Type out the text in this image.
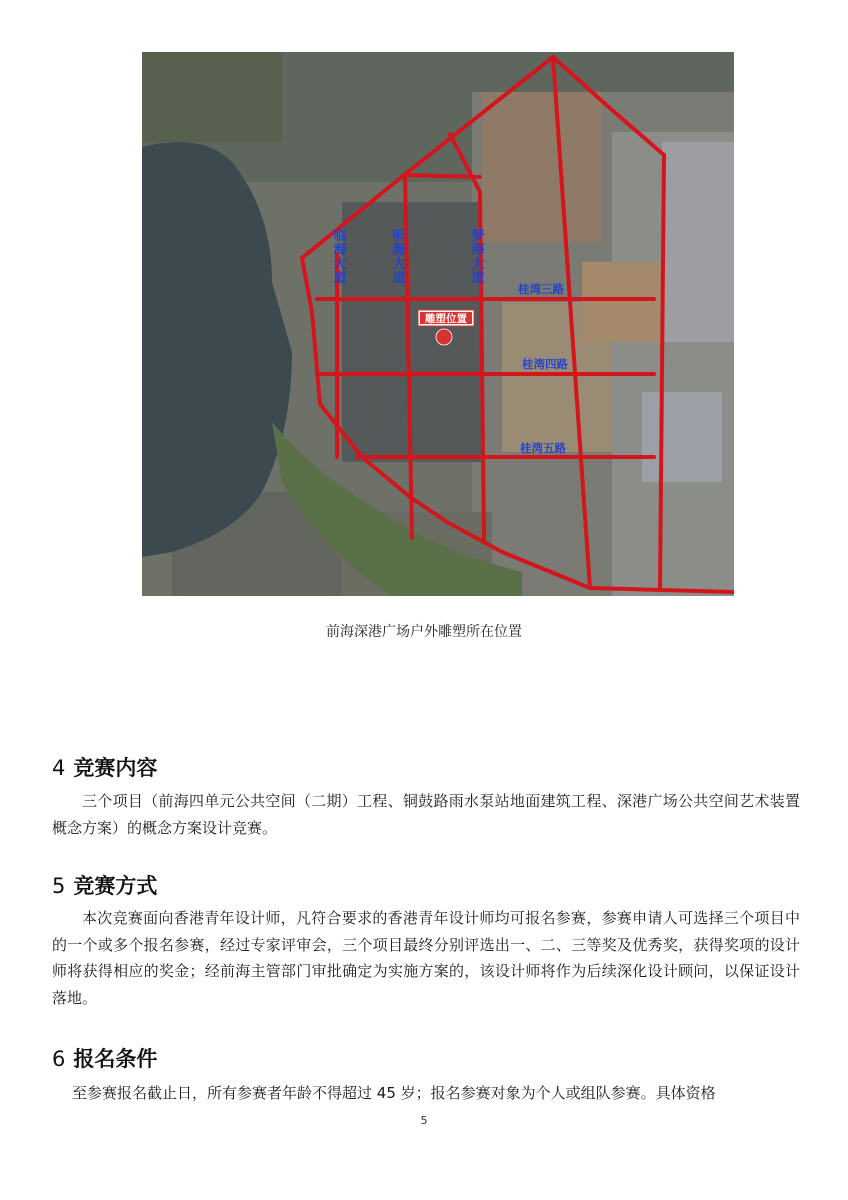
临海大道
听海大道
梦海大道
桂湾三路
桂湾四路
桂湾五路
雕塑位置
前海深港广场户外雕塑所在位置
4 竞赛内容
三个项目（前海四单元公共空间（二期）工程、铜鼓路雨水泵站地面建筑工程、深港广场公共空间艺术装置概念方案）的概念方案设计竞赛。
5 竞赛方式
本次竞赛面向香港青年设计师，凡符合要求的香港青年设计师均可报名参赛，参赛申请人可选择三个项目中的一个或多个报名参赛，经过专家评审会，三个项目最终分别评选出一、二、三等奖及优秀奖，获得奖项的设计师将获得相应的奖金；经前海主管部门审批确定为实施方案的，该设计师将作为后续深化设计顾问，以保证设计落地。
6 报名条件
至参赛报名截止日，所有参赛者年龄不得超过 45 岁；报名参赛对象为个人或组队参赛。具体资格
5
